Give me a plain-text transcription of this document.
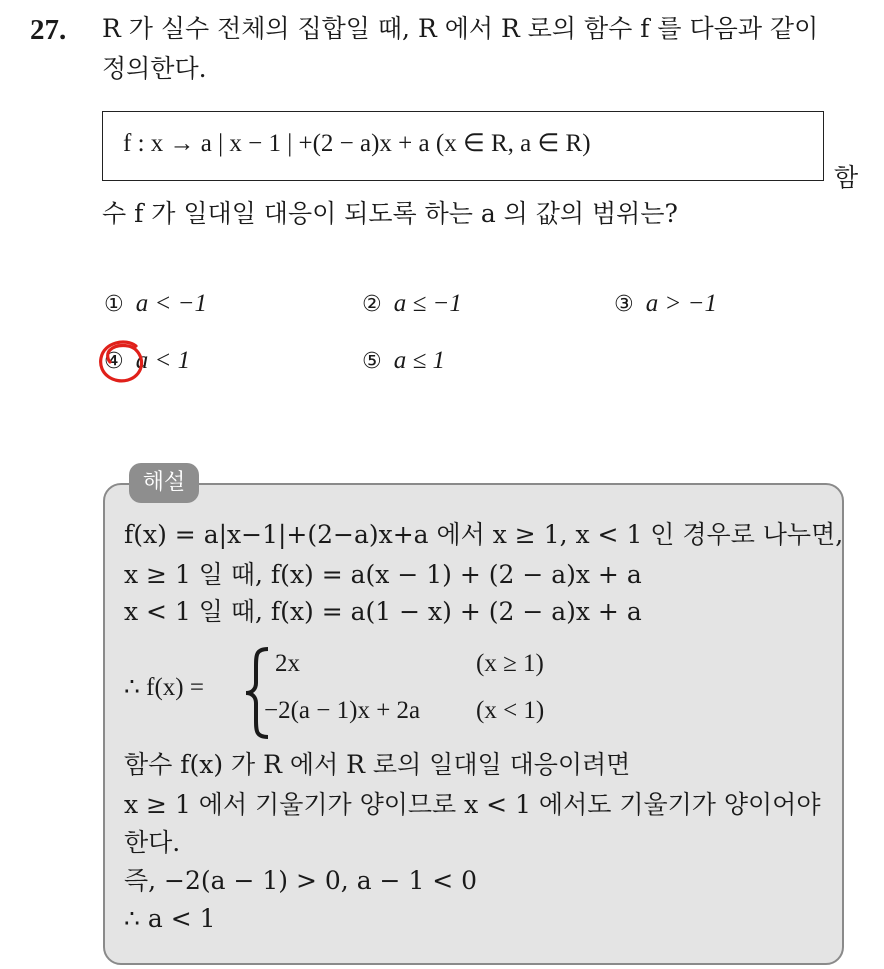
27. R 가 실수 전체의 집합일 때, R 에서 R 로의 함수 f 를 다음과 같이
정의한다.
f : x → a | x − 1 | +(2 − a)x + a (x ∈ R, a ∈ R)
함
수 f 가 일대일 대응이 되도록 하는 a 의 값의 범위는?
① a < −1	② a ≤ −1	③ a > −1
④ a < 1	⑤ a ≤ 1
해설
f(x) = a|x−1|+(2−a)x+a 에서 x ≥ 1, x < 1 인 경우로 나누면,
x ≥ 1 일 때, f(x) = a(x − 1) + (2 − a)x + a
x < 1 일 때, f(x) = a(1 − x) + (2 − a)x + a
∴ f(x) =
2x	(x ≥ 1)
−2(a − 1)x + 2a (x < 1)
함수 f(x) 가 R 에서 R 로의 일대일 대응이려면
x ≥ 1 에서 기울기가 양이므로 x < 1 에서도 기울기가 양이어야
한다.
즉, −2(a − 1) > 0, a − 1 < 0
∴ a < 1
